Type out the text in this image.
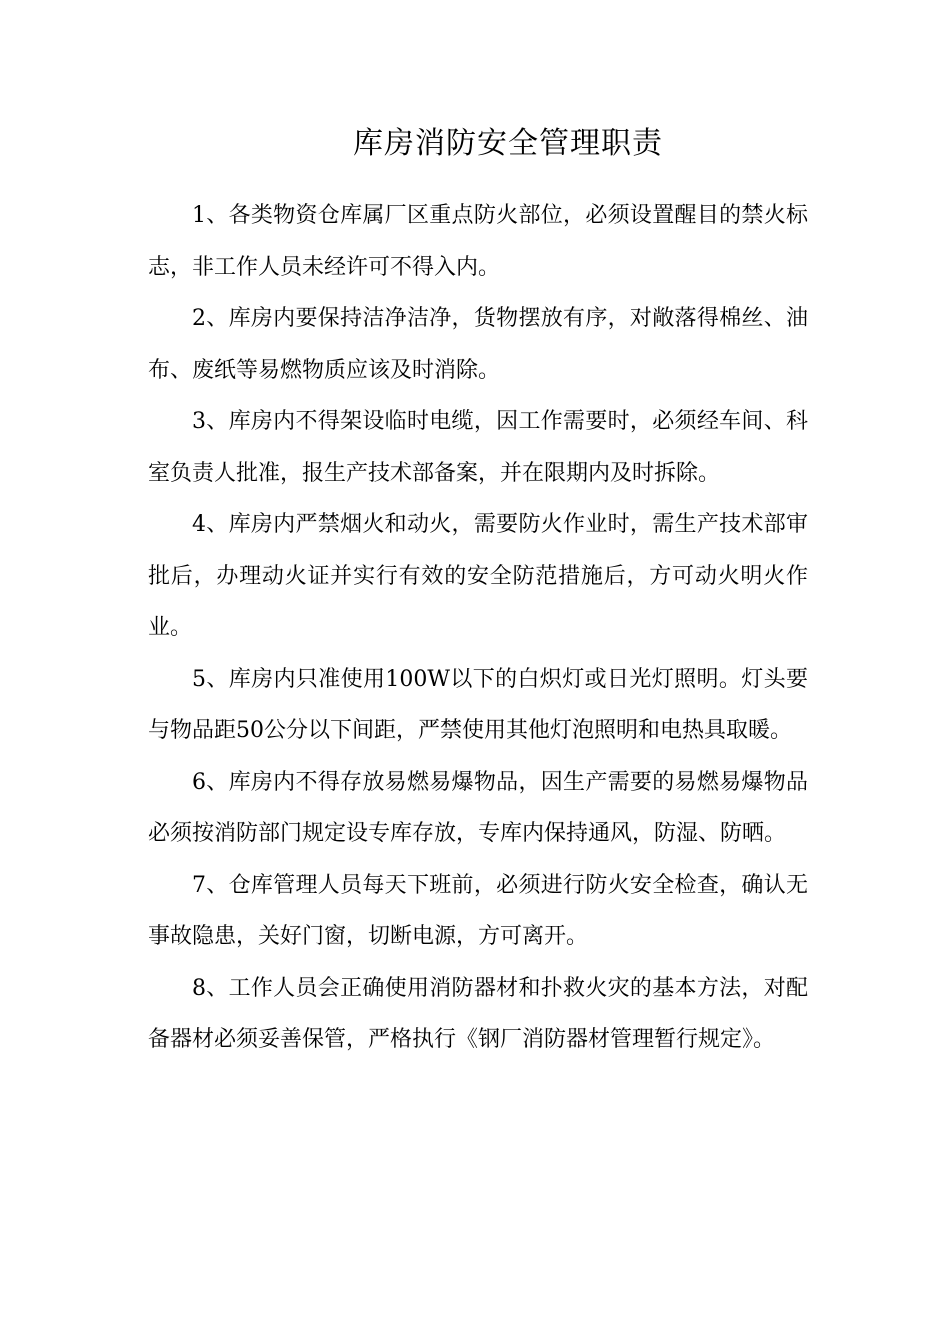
库房消防安全管理职责

1、各类物资仓库属厂区重点防火部位，必须设置醒目的禁火标志，非工作人员未经许可不得入内。

2、库房内要保持洁净洁净，货物摆放有序，对敞落得棉丝、油布、废纸等易燃物质应该及时消除。

3、库房内不得架设临时电缆，因工作需要时，必须经车间、科室负责人批准，报生产技术部备案，并在限期内及时拆除。

4、库房内严禁烟火和动火，需要防火作业时，需生产技术部审批后，办理动火证并实行有效的安全防范措施后，方可动火明火作业。

5、库房内只准使用100W以下的白炽灯或日光灯照明。灯头要与物品距50公分以下间距，严禁使用其他灯泡照明和电热具取暖。

6、库房内不得存放易燃易爆物品，因生产需要的易燃易爆物品必须按消防部门规定设专库存放，专库内保持通风，防湿、防晒。

7、仓库管理人员每天下班前，必须进行防火安全检查，确认无事故隐患，关好门窗，切断电源，方可离开。

8、工作人员会正确使用消防器材和扑救火灾的基本方法，对配备器材必须妥善保管，严格执行《钢厂消防器材管理暂行规定》。
